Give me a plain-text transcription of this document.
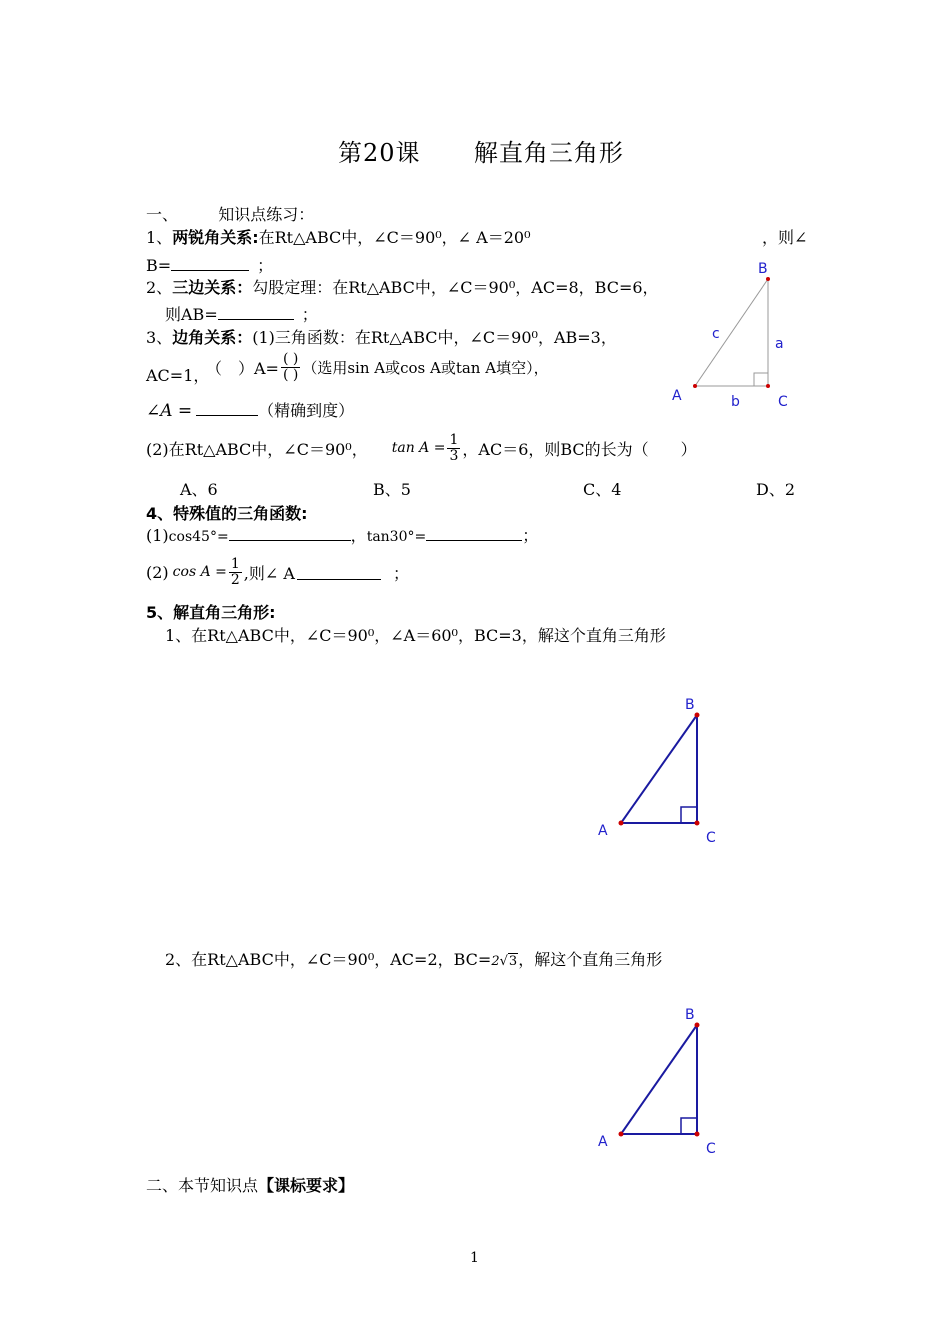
第20课 解直角三角形
一、	知识点练习：
1、两锐角关系:在Rt△ABC中，∠C＝90⁰，∠ A＝20⁰	，则∠
B=	；
2、三边关系：勾股定理：在Rt△ABC中，∠C＝90⁰，AC=8，BC=6，
则AB=	；
3、边角关系：(1)三角函数：在Rt△ABC中，∠C＝90⁰，AB=3，
AC=1，
（　）$A= \frac{( )}{( )}$ （选用sin A或cos A或tan A填空），
∠A =	（精确到度）
(2)在Rt△ABC中，∠C＝90⁰， $\tan A = \frac{1}{3}$ ，AC＝6，则BC的长为（　　）
A、6	B、5	C、4	D、2
4、特殊值的三角函数:
(1)cos45°=	，tan30°=	；
(2) $\cos A = \frac{1}{2}$ ,则∠ A	；
5、解直角三角形:
1、在Rt△ABC中，∠C＝90⁰，∠A＝60⁰，BC=3，解这个直角三角形
2、在Rt△ABC中，∠C＝90⁰，AC=2，BC=2√3，解这个直角三角形
二、本节知识点【课标要求】
B
A	C
c
a
b
B
A	C
B
A	C
1
